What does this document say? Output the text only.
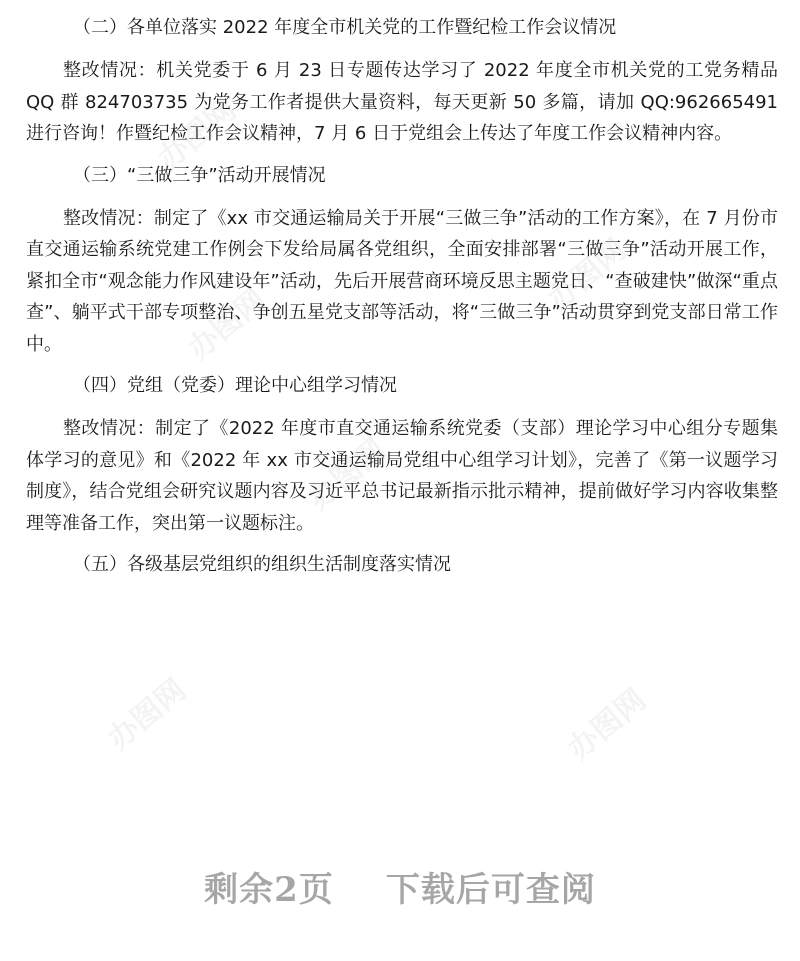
办图网
办图网
办图网
办图网
办图网
办图网

（二）各单位落实 2022 年度全市机关党的工作暨纪检工作会议情况

整改情况：机关党委于 6 月 23 日专题传达学习了 2022 年度全市机关党的工党务精品 QQ 群 824703735 为党务工作者提供大量资料，每天更新 50 多篇，请加 QQ:962665491 进行咨询！作暨纪检工作会议精神，7 月 6 日于党组会上传达了年度工作会议精神内容。

（三）“三做三争”活动开展情况

整改情况：制定了《xx 市交通运输局关于开展“三做三争”活动的工作方案》，在 7 月份市直交通运输系统党建工作例会下发给局属各党组织，全面安排部署“三做三争”活动开展工作，紧扣全市“观念能力作风建设年”活动，先后开展营商环境反思主题党日、“查破建快”做深“重点查”、躺平式干部专项整治、争创五星党支部等活动，将“三做三争”活动贯穿到党支部日常工作中。

（四）党组（党委）理论中心组学习情况

整改情况：制定了《2022 年度市直交通运输系统党委（支部）理论学习中心组分专题集体学习的意见》和《2022 年 xx 市交通运输局党组中心组学习计划》，完善了《第一议题学习制度》，结合党组会研究议题内容及习近平总书记最新指示批示精神，提前做好学习内容收集整理等准备工作，突出第一议题标注。

（五）各级基层党组织的组织生活制度落实情况

剩余2页 下载后可查阅
